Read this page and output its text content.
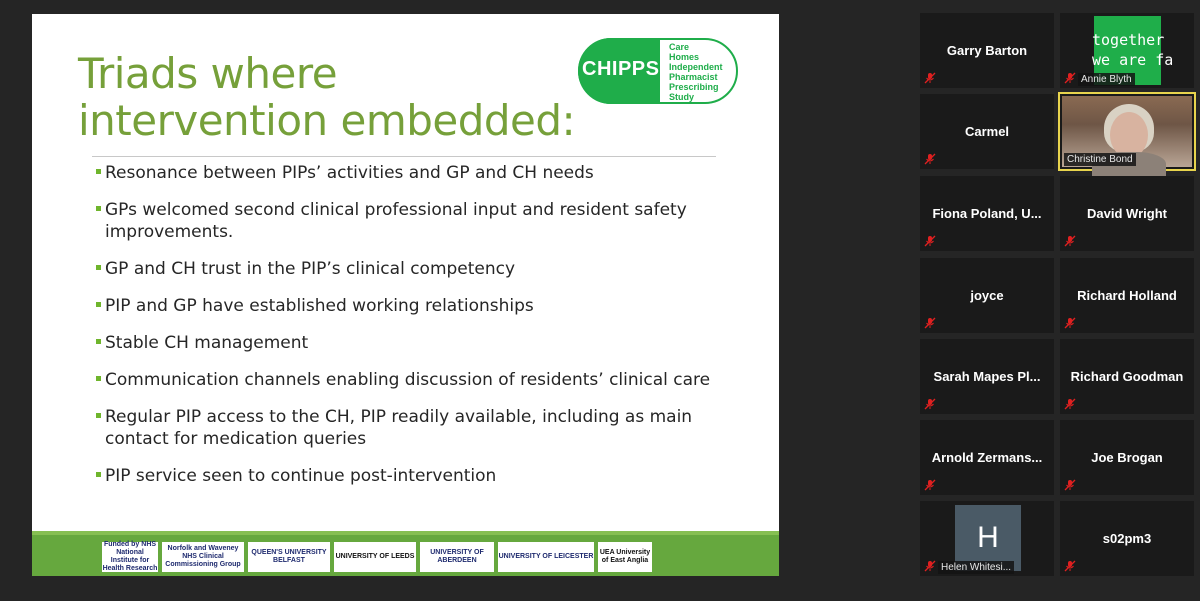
Triads where intervention embedded:
CHIPPS
Care
Homes
Independent
Pharmacist
Prescribing
Study
Resonance between PIPs’ activities and GP and CH needs
GPs welcomed second clinical professional input and resident safety improvements.
GP and CH trust in the PIP’s clinical competency
PIP and GP have established working relationships
Stable CH management
Communication channels enabling discussion of residents’ clinical care
Regular PIP access to the CH, PIP readily available, including as main contact for medication queries
PIP service seen to continue post-intervention
Funded by NHS National Institute for Health Research
Norfolk and Waveney NHS Clinical Commissioning Group
QUEEN'S UNIVERSITY BELFAST
UNIVERSITY OF LEEDS
UNIVERSITY OF ABERDEEN
UNIVERSITY OF LEICESTER
UEA University of East Anglia
Garry Barton
together
we are fa
Annie Blyth
Carmel
Christine Bond
Fiona Poland, U...	David Wright
joyce	Richard Holland
Sarah Mapes Pl...	Richard Goodman
Arnold Zermans...	Joe Brogan
H
Helen Whitesi...
s02pm3
